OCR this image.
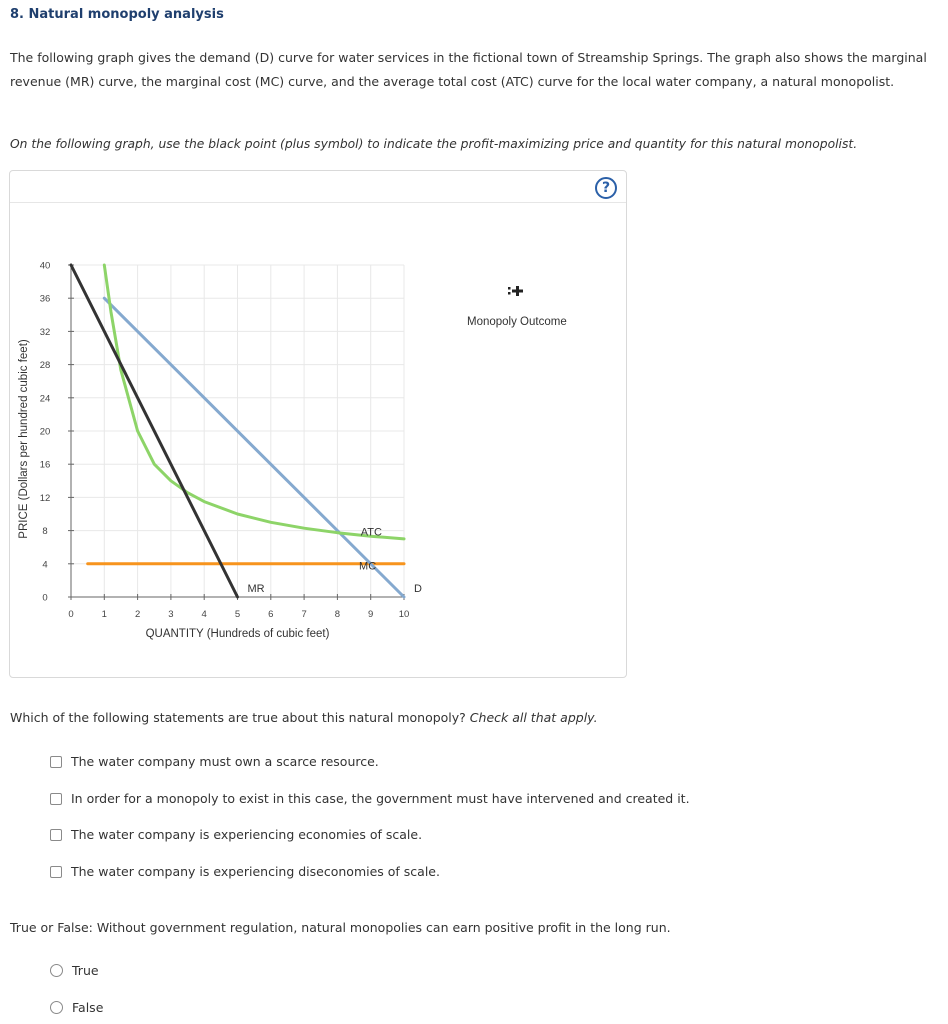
8. Natural monopoly analysis
The following graph gives the demand (D) curve for water services in the fictional town of Streamship Springs. The graph also shows the marginal
revenue (MR) curve, the marginal cost (MC) curve, and the average total cost (ATC) curve for the local water company, a natural monopolist.
On the following graph, use the black point (plus symbol) to indicate the profit-maximizing price and quantity for this natural monopolist.
?
0	1	2	3	4	5	6	7	8	9	10
0
4
8
12
16
20
24
28
32
36
40
QUANTITY (Hundreds of cubic feet)
PRICE (Dollars per hundred cubic feet)	ATC
MC
MR	D
Monopoly Outcome
Which of the following statements are true about this natural monopoly? Check all that apply.
The water company must own a scarce resource.
In order for a monopoly to exist in this case, the government must have intervened and created it.
The water company is experiencing economies of scale.
The water company is experiencing diseconomies of scale.
True or False: Without government regulation, natural monopolies can earn positive profit in the long run.
True
False
